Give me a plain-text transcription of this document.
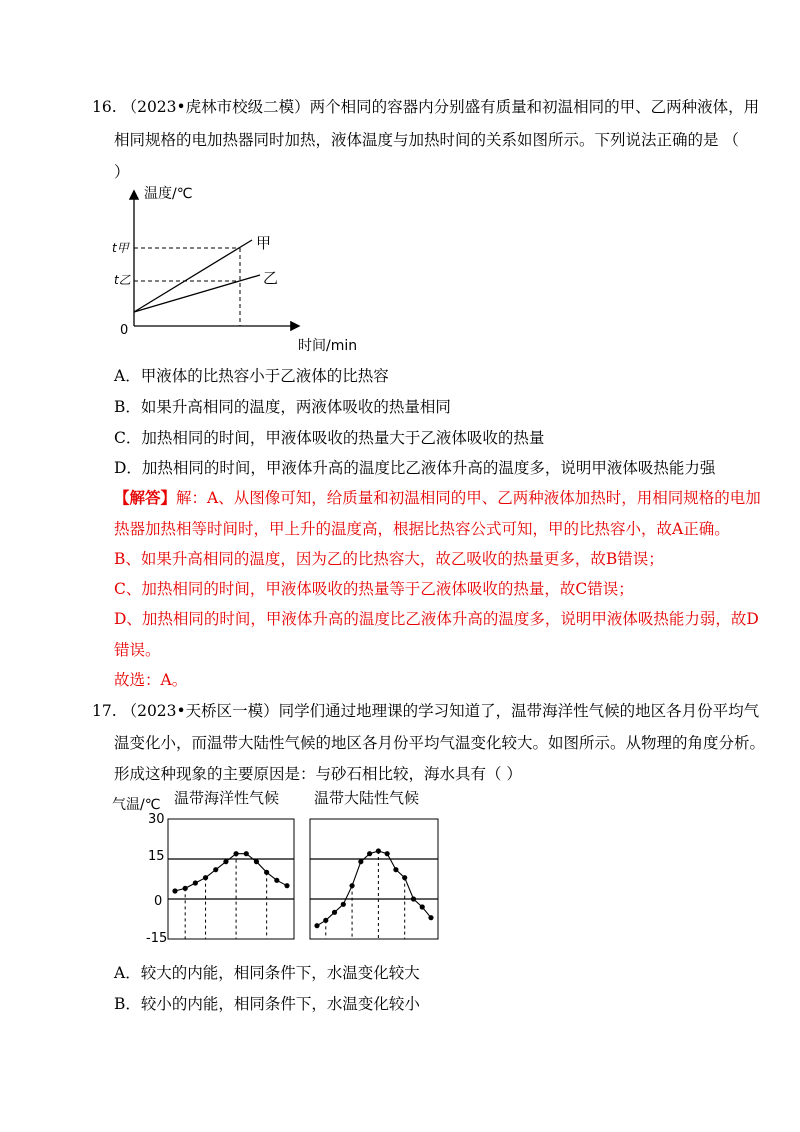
16. （2023•虎林市校级二模）两个相同的容器内分别盛有质量和初温相同的甲、乙两种液体，用
相同规格的电加热器同时加热，液体温度与加热时间的关系如图所示。下列说法正确的是 （
）
温度/℃
时间/min
0
t甲
t乙
甲
乙
A．甲液体的比热容小于乙液体的比热容
B．如果升高相同的温度，两液体吸收的热量相同
C．加热相同的时间，甲液体吸收的热量大于乙液体吸收的热量
D．加热相同的时间，甲液体升高的温度比乙液体升高的温度多，说明甲液体吸热能力强
【解答】解：A、从图像可知，给质量和初温相同的甲、乙两种液体加热时，用相同规格的电加
热器加热相等时间时，甲上升的温度高，根据比热容公式可知，甲的比热容小，故A正确。
B、如果升高相同的温度，因为乙的比热容大，故乙吸收的热量更多，故B错误；
C、加热相同的时间，甲液体吸收的热量等于乙液体吸收的热量，故C错误；
D、加热相同的时间，甲液体升高的温度比乙液体升高的温度多，说明甲液体吸热能力弱，故D
错误。
故选：A。
17. （2023•天桥区一模）同学们通过地理课的学习知道了，温带海洋性气候的地区各月份平均气
温变化小，而温带大陆性气候的地区各月份平均气温变化较大。如图所示。从物理的角度分析。
形成这种现象的主要原因是：与砂石相比较，海水具有（ ）
气温/℃ 温带海洋性气候 温带大陆性气候
30
15
0
-15
A．较大的内能，相同条件下，水温变化较大
B．较小的内能，相同条件下，水温变化较小
